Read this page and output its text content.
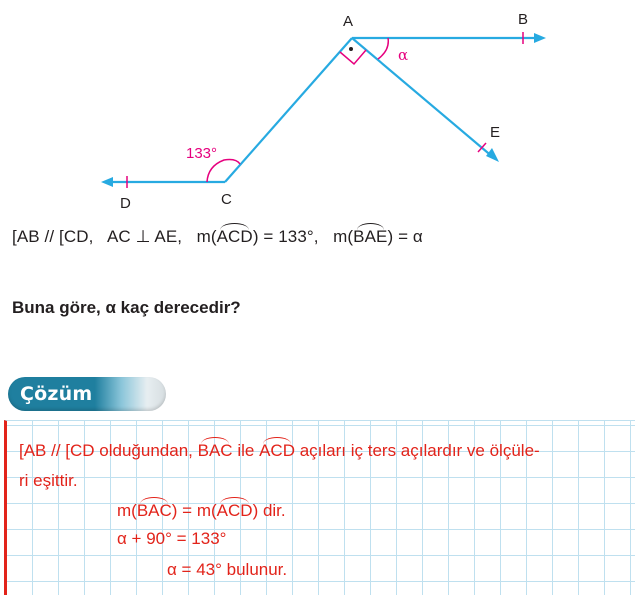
A	B
C
D
E
133°
α
[AB // [CD, AC ⊥ AE, m(ACD) = 133°, m(BAE) = α
Buna göre, α kaç derecedir?
Çözüm
[AB // [CD olduğundan, BAC ile ACD açıları iç ters açılardır ve ölçüle-
ri eşittir.
m(BAC) = m(ACD) dir.
α + 90° = 133°
α = 43° bulunur.
